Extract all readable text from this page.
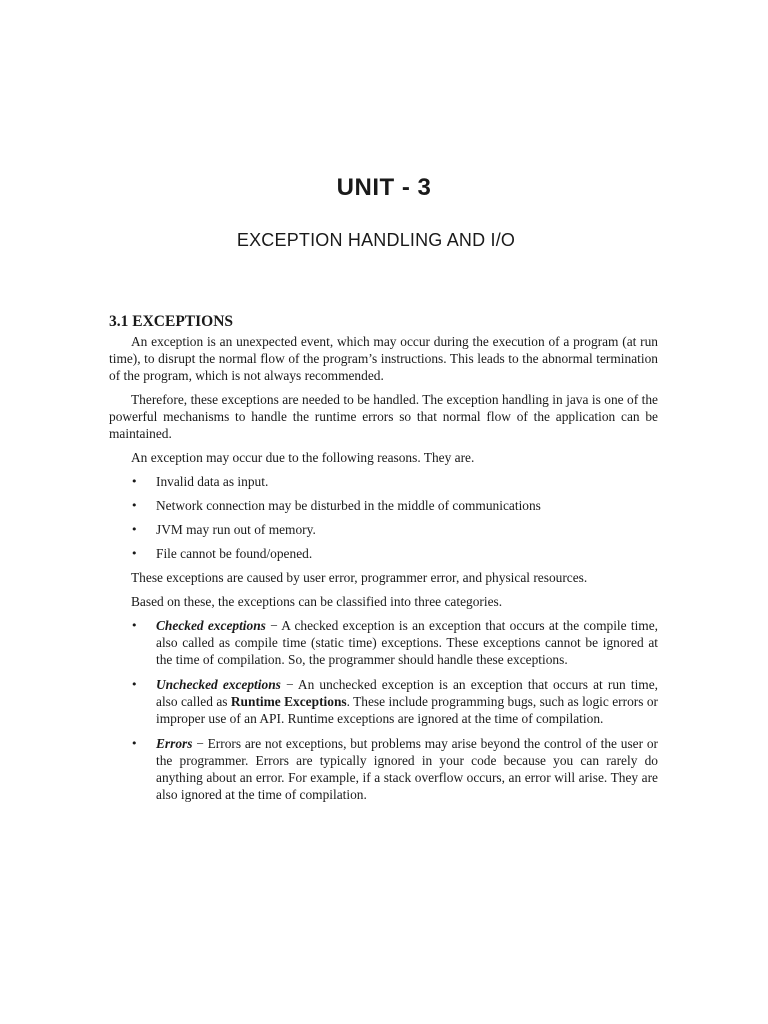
UNIT - 3
EXCEPTION HANDLING AND I/O
3.1 EXCEPTIONS

An exception is an unexpected event, which may occur during the execution of a program (at run time), to disrupt the normal flow of the program’s instructions. This leads to the abnormal termination of the program, which is not always recommended.

Therefore, these exceptions are needed to be handled. The exception handling in java is one of the powerful mechanisms to handle the runtime errors so that normal flow of the application can be maintained.

An exception may occur due to the following reasons. They are.

• Invalid data as input.
• Network connection may be disturbed in the middle of communications
• JVM may run out of memory.
• File cannot be found/opened.

These exceptions are caused by user error, programmer error, and physical resources.

Based on these, the exceptions can be classified into three categories.

• Checked exceptions − A checked exception is an exception that occurs at the compile time, also called as compile time (static time) exceptions. These exceptions cannot be ignored at the time of compilation. So, the programmer should handle these exceptions.
• Unchecked exceptions − An unchecked exception is an exception that occurs at run time, also called as Runtime Exceptions. These include programming bugs, such as logic errors or improper use of an API. Runtime exceptions are ignored at the time of compilation.
• Errors − Errors are not exceptions, but problems may arise beyond the control of the user or the programmer. Errors are typically ignored in your code because you can rarely do anything about an error. For example, if a stack overflow occurs, an error will arise. They are also ignored at the time of compilation.
